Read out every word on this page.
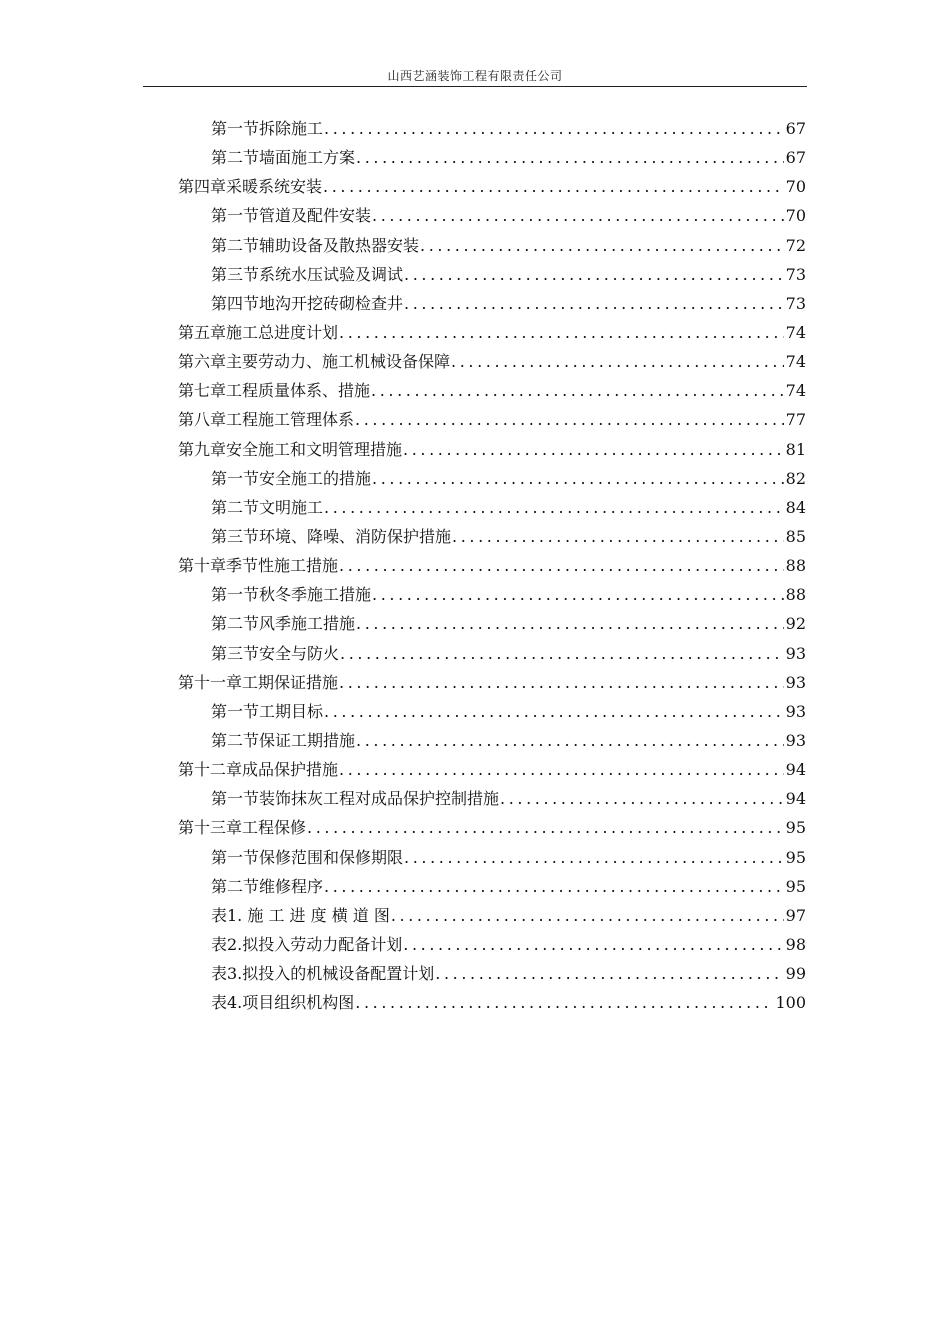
山西艺涵装饰工程有限责任公司
第一节 拆除施工 .....	67
第二节 墙面施工方案 .....	67
第四章 采暖系统安装 .....	70
第一节 管道及配件安装 .....	70
第二节 辅助设备及散热器安装 .....	72
第三节 系统水压试验及调试 .....	73
第四节 地沟开挖砖砌检查井 .....	73
第五章 施工总进度计划 .....	74
第六章 主要劳动力、施工机械设备保障 .....	74
第七章 工程质量体系、措施 .....	74
第八章 工程施工管理体系 .....	77
第九章 安全施工和文明管理措施 .....	81
第一节 安全施工的措施 .....	82
第二节 文明施工 .....	84
第三节 环境、降噪、消防保护措施 .....	85
第十章 季节性施工措施 .....	88
第一节 秋冬季施工措施 .....	88
第二节 风季施工措施 .....	92
第三节 安全与防火 .....	93
第十一章 工期保证措施 .....	93
第一节 工期目标 .....	93
第二节 保证工期措施 .....	93
第十二章 成品保护措施 .....	94
第一节 装饰抹灰工程对成品保护控制措施 .....	94
第十三章 工程保修 .....	95
第一节 保修范围和保修期限 .....	95
第二节 维修程序 .....	95
表1. 施 工 进 度 横 道 图 .....	97
表2.拟投入劳动力配备计划 .....	98
表3.拟投入的机械设备配置计划 .....	99
表4.项目组织机构图 .....	100
